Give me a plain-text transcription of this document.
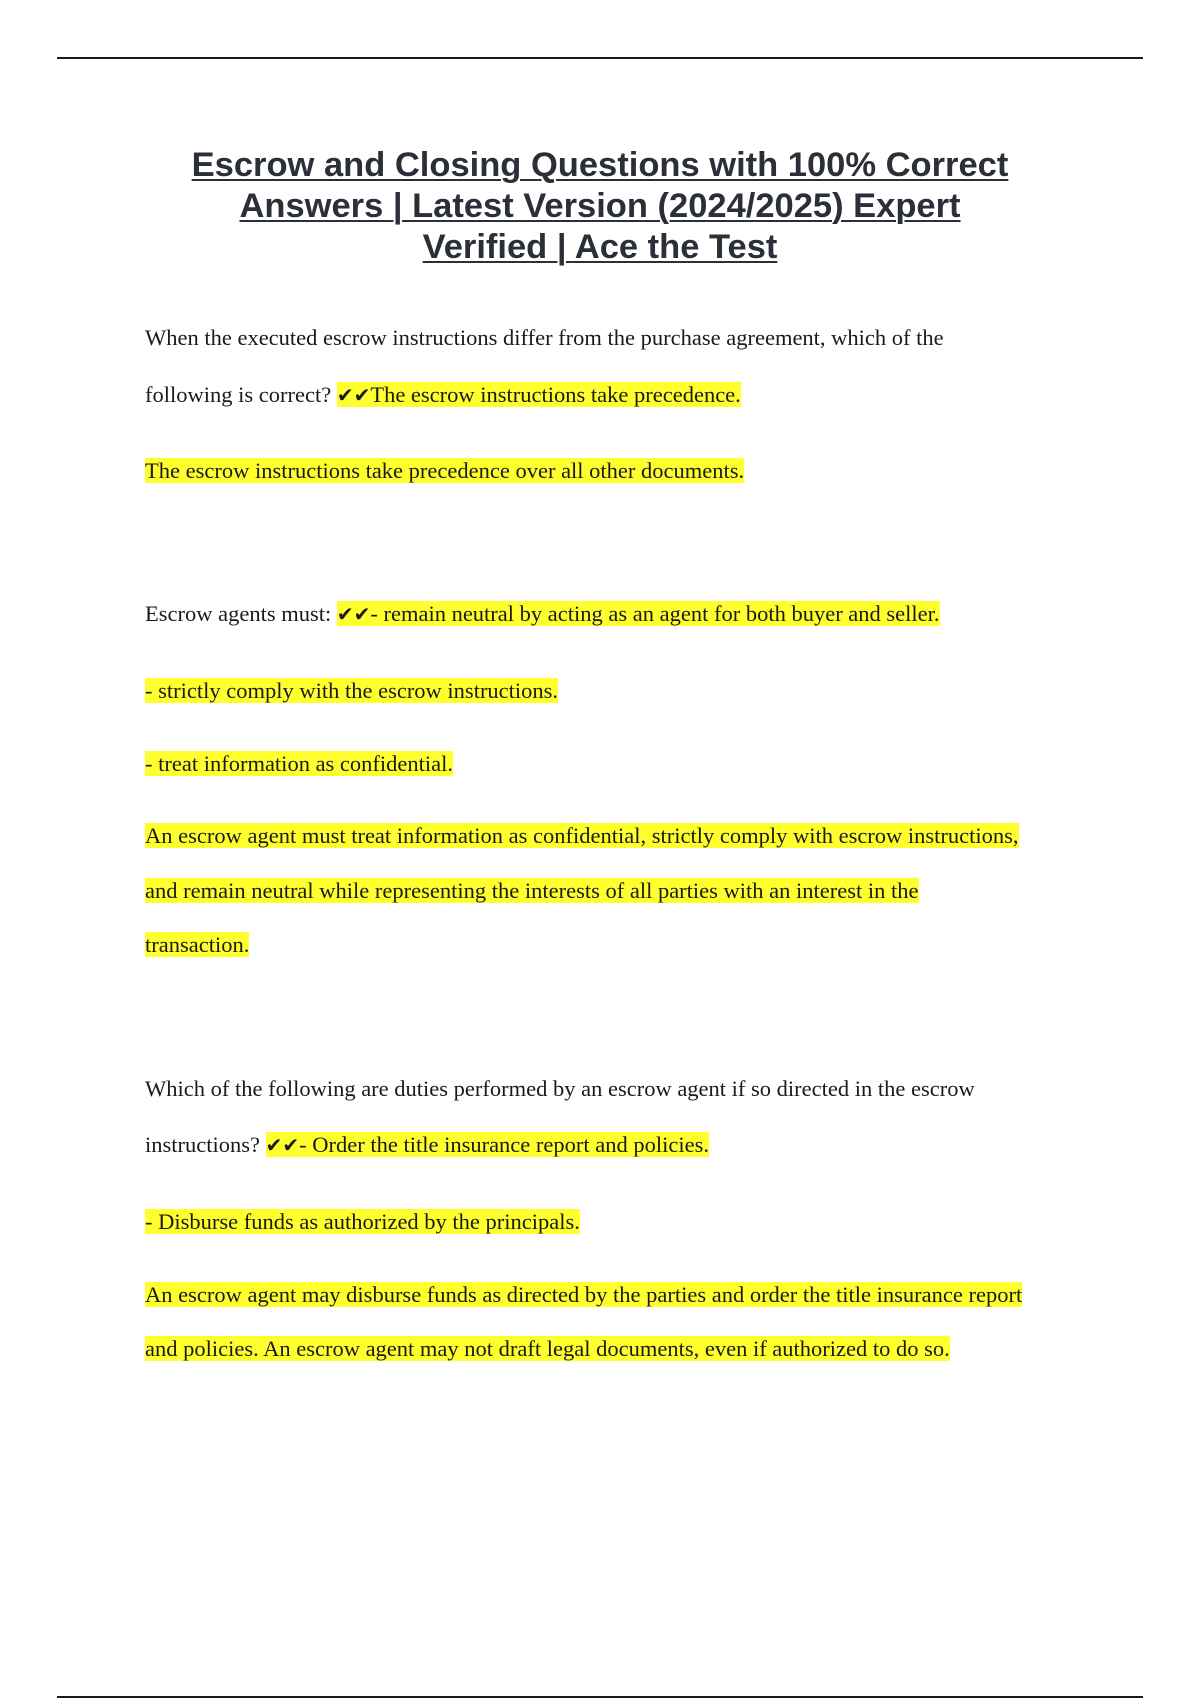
Escrow and Closing Questions with 100% Correct
Answers | Latest Version (2024/2025) Expert
Verified | Ace the Test

When the executed escrow instructions differ from the purchase agreement, which of the

following is correct? ✔✔The escrow instructions take precedence.

The escrow instructions take precedence over all other documents.

Escrow agents must: ✔✔- remain neutral by acting as an agent for both buyer and seller.

- strictly comply with the escrow instructions.

- treat information as confidential.

An escrow agent must treat information as confidential, strictly comply with escrow instructions,

and remain neutral while representing the interests of all parties with an interest in the

transaction.

Which of the following are duties performed by an escrow agent if so directed in the escrow

instructions? ✔✔- Order the title insurance report and policies.

- Disburse funds as authorized by the principals.

An escrow agent may disburse funds as directed by the parties and order the title insurance report

and policies. An escrow agent may not draft legal documents, even if authorized to do so.
